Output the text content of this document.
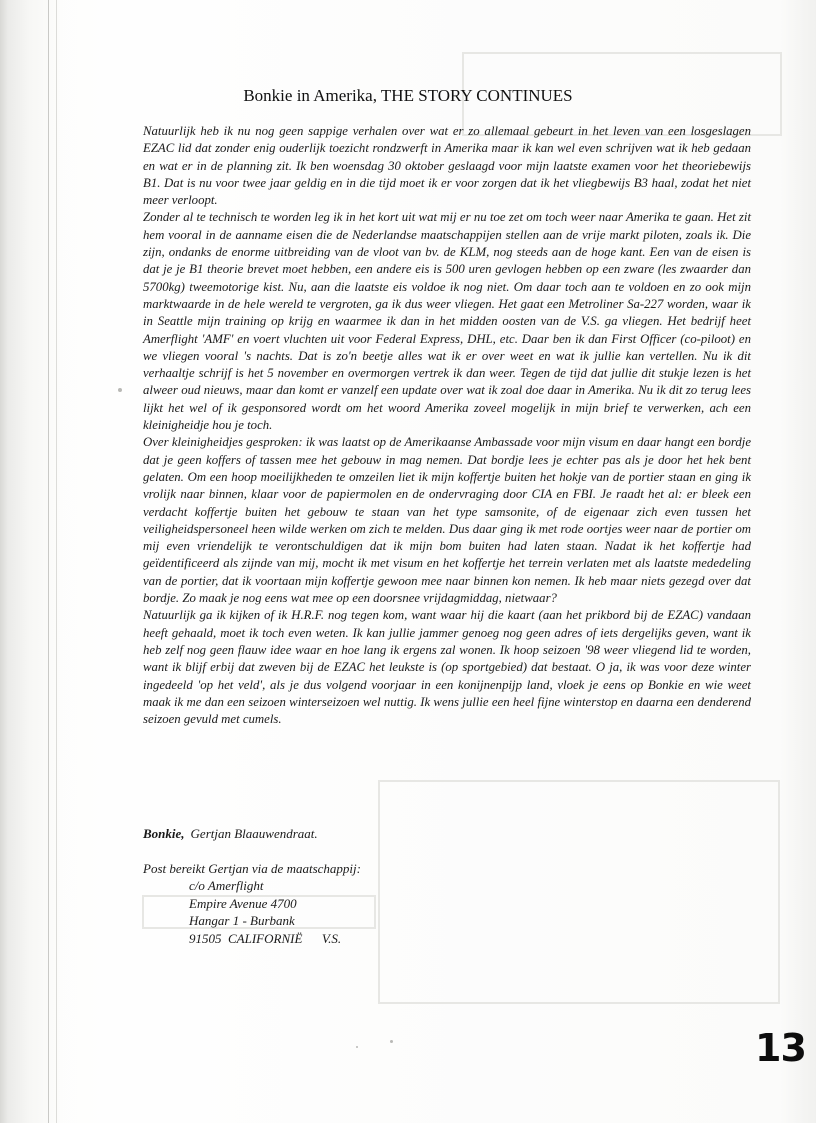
Bonkie in Amerika, THE STORY CONTINUES

Natuurlijk heb ik nu nog geen sappige verhalen over wat er zo allemaal gebeurt in het leven van een losgeslagen EZAC lid dat zonder enig ouderlijk toezicht rondzwerft in Amerika maar ik kan wel even schrijven wat ik heb gedaan en wat er in de planning zit. Ik ben woensdag 30 oktober geslaagd voor mijn laatste examen voor het theoriebewijs B1. Dat is nu voor twee jaar geldig en in die tijd moet ik er voor zorgen dat ik het vliegbewijs B3 haal, zodat het niet meer verloopt.

Zonder al te technisch te worden leg ik in het kort uit wat mij er nu toe zet om toch weer naar Amerika te gaan. Het zit hem vooral in de aanname eisen die de Nederlandse maatschappijen stellen aan de vrije markt piloten, zoals ik. Die zijn, ondanks de enorme uitbreiding van de vloot van bv. de KLM, nog steeds aan de hoge kant. Een van de eisen is dat je je B1 theorie brevet moet hebben, een andere eis is 500 uren gevlogen hebben op een zware (les zwaarder dan 5700kg) tweemotorige kist. Nu, aan die laatste eis voldoe ik nog niet. Om daar toch aan te voldoen en zo ook mijn marktwaarde in de hele wereld te vergroten, ga ik dus weer vliegen. Het gaat een Metroliner Sa-227 worden, waar ik in Seattle mijn training op krijg en waarmee ik dan in het midden oosten van de V.S. ga vliegen. Het bedrijf heet Amerflight 'AMF' en voert vluchten uit voor Federal Express, DHL, etc. Daar ben ik dan First Officer (co-piloot) en we vliegen vooral 's nachts. Dat is zo'n beetje alles wat ik er over weet en wat ik jullie kan vertellen. Nu ik dit verhaaltje schrijf is het 5 november en overmorgen vertrek ik dan weer. Tegen de tijd dat jullie dit stukje lezen is het alweer oud nieuws, maar dan komt er vanzelf een update over wat ik zoal doe daar in Amerika. Nu ik dit zo terug lees lijkt het wel of ik gesponsored wordt om het woord Amerika zoveel mogelijk in mijn brief te verwerken, ach een kleinigheidje hou je toch.

Over kleinigheidjes gesproken: ik was laatst op de Amerikaanse Ambassade voor mijn visum en daar hangt een bordje dat je geen koffers of tassen mee het gebouw in mag nemen. Dat bordje lees je echter pas als je door het hek bent gelaten. Om een hoop moeilijkheden te omzeilen liet ik mijn koffertje buiten het hokje van de portier staan en ging ik vrolijk naar binnen, klaar voor de papiermolen en de ondervraging door CIA en FBI. Je raadt het al: er bleek een verdacht koffertje buiten het gebouw te staan van het type samsonite, of de eigenaar zich even tussen het veiligheidspersoneel heen wilde werken om zich te melden. Dus daar ging ik met rode oortjes weer naar de portier om mij even vriendelijk te verontschuldigen dat ik mijn bom buiten had laten staan. Nadat ik het koffertje had geïdentificeerd als zijnde van mij, mocht ik met visum en het koffertje het terrein verlaten met als laatste mededeling van de portier, dat ik voortaan mijn koffertje gewoon mee naar binnen kon nemen. Ik heb maar niets gezegd over dat bordje. Zo maak je nog eens wat mee op een doorsnee vrijdagmiddag, nietwaar?

Natuurlijk ga ik kijken of ik H.R.F. nog tegen kom, want waar hij die kaart (aan het prikbord bij de EZAC) vandaan heeft gehaald, moet ik toch even weten. Ik kan jullie jammer genoeg nog geen adres of iets dergelijks geven, want ik heb zelf nog geen flauw idee waar en hoe lang ik ergens zal wonen. Ik hoop seizoen '98 weer vliegend lid te worden, want ik blijf erbij dat zweven bij de EZAC het leukste is (op sportgebied) dat bestaat. O ja, ik was voor deze winter ingedeeld 'op het veld', als je dus volgend voorjaar in een konijnenpijp land, vloek je eens op Bonkie en wie weet maak ik me dan een seizoen winterseizoen wel nuttig. Ik wens jullie een heel fijne winterstop en daarna een denderend seizoen gevuld met cumels.

Bonkie, Gertjan Blaauwendraat.
Post bereikt Gertjan via de maatschappij:
c/o Amerflight
Empire Avenue 4700
Hangar 1 - Burbank
91505  CALIFORNIË      V.S.
13
